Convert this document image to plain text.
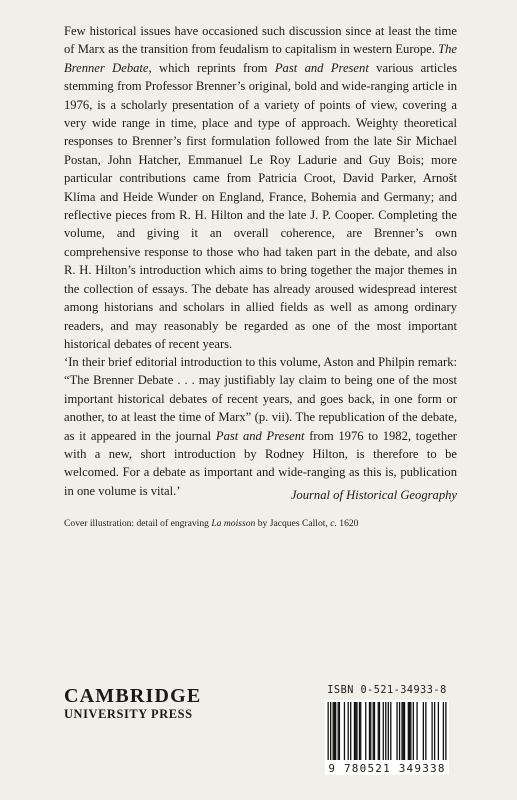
Few historical issues have occasioned such discussion since at least the time of Marx as the transition from feudalism to capitalism in western Europe. The Brenner Debate, which reprints from Past and Present various articles stemming from Professor Brenner’s original, bold and wide-ranging article in 1976, is a scholarly presentation of a variety of points of view, covering a very wide range in time, place and type of approach. Weighty theoretical responses to Brenner’s first formulation followed from the late Sir Michael Postan, John Hatcher, Emmanuel Le Roy Ladurie and Guy Bois; more particular contributions came from Patricia Croot, David Parker, Arnošt Klíma and Heide Wunder on England, France, Bohemia and Germany; and reflective pieces from R. H. Hilton and the late J. P. Cooper. Completing the volume, and giving it an overall coherence, are Brenner’s own comprehensive response to those who had taken part in the debate, and also R. H. Hilton’s introduction which aims to bring together the major themes in the collection of essays. The debate has already aroused widespread interest among historians and scholars in allied fields as well as among ordinary readers, and may reasonably be regarded as one of the most important historical debates of recent years.

‘In their brief editorial introduction to this volume, Aston and Philpin remark: “The Brenner Debate . . . may justifiably lay claim to being one of the most important historical debates of recent years, and goes back, in one form or another, to at least the time of Marx” (p. vii). The republication of the debate, as it appeared in the journal Past and Present from 1976 to 1982, together with a new, short introduction by Rodney Hilton, is therefore to be welcomed. For a debate as important and wide-ranging as this is, publication in one volume is vital.’	Journal of Historical Geography
Cover illustration: detail of engraving La moisson by Jacques Callot, c. 1620
CAMBRIDGE
UNIVERSITY PRESS
ISBN 0-521-34933-8
9 780521 349338
